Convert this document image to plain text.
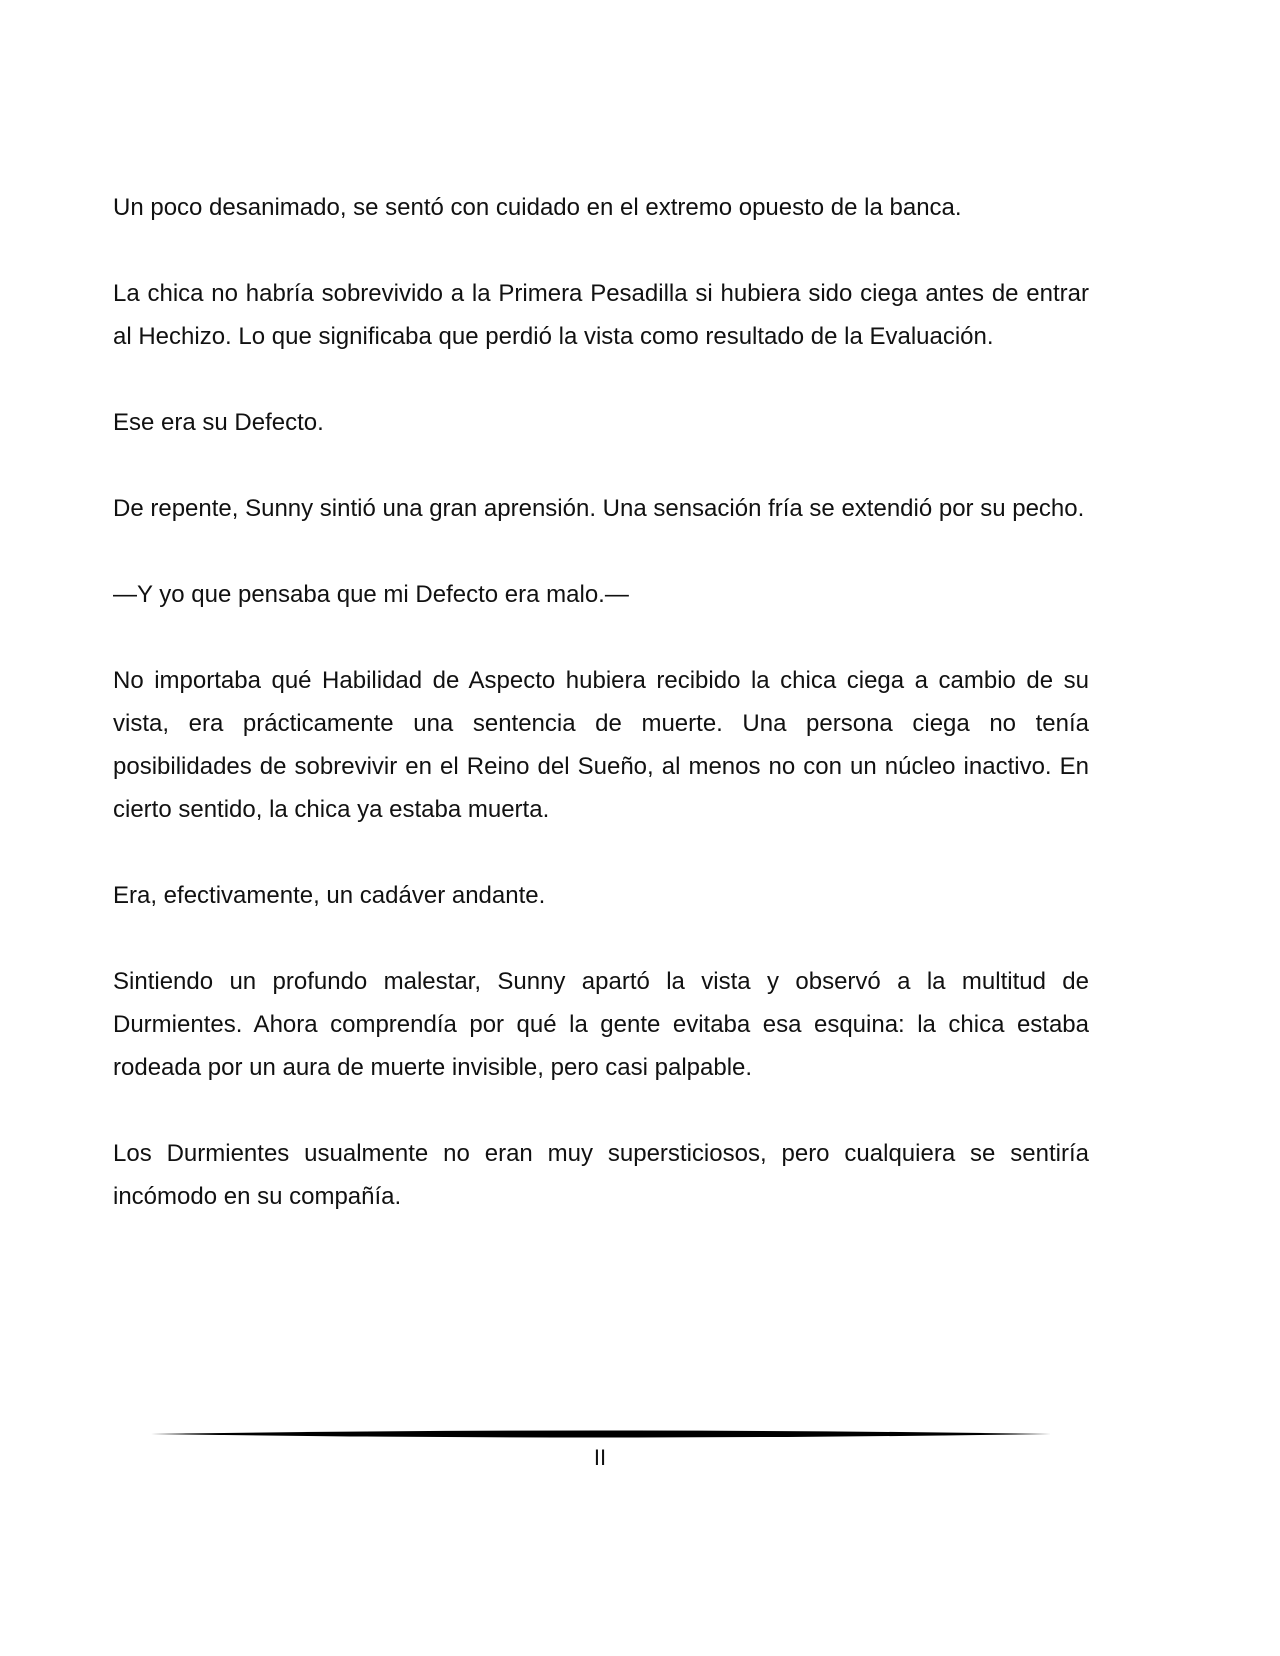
Un poco desanimado, se sentó con cuidado en el extremo opuesto de la banca.

La chica no habría sobrevivido a la Primera Pesadilla si hubiera sido ciega antes de entrar al Hechizo. Lo que significaba que perdió la vista como resultado de la Evaluación.

Ese era su Defecto.

De repente, Sunny sintió una gran aprensión. Una sensación fría se extendió por su pecho.

—Y yo que pensaba que mi Defecto era malo.—

No importaba qué Habilidad de Aspecto hubiera recibido la chica ciega a cambio de su vista, era prácticamente una sentencia de muerte. Una persona ciega no tenía posibilidades de sobrevivir en el Reino del Sueño, al menos no con un núcleo inactivo. En cierto sentido, la chica ya estaba muerta.

Era, efectivamente, un cadáver andante.

Sintiendo un profundo malestar, Sunny apartó la vista y observó a la multitud de Durmientes. Ahora comprendía por qué la gente evitaba esa esquina: la chica estaba rodeada por un aura de muerte invisible, pero casi palpable.

Los Durmientes usualmente no eran muy supersticiosos, pero cualquiera se sentiría incómodo en su compañía.

II
